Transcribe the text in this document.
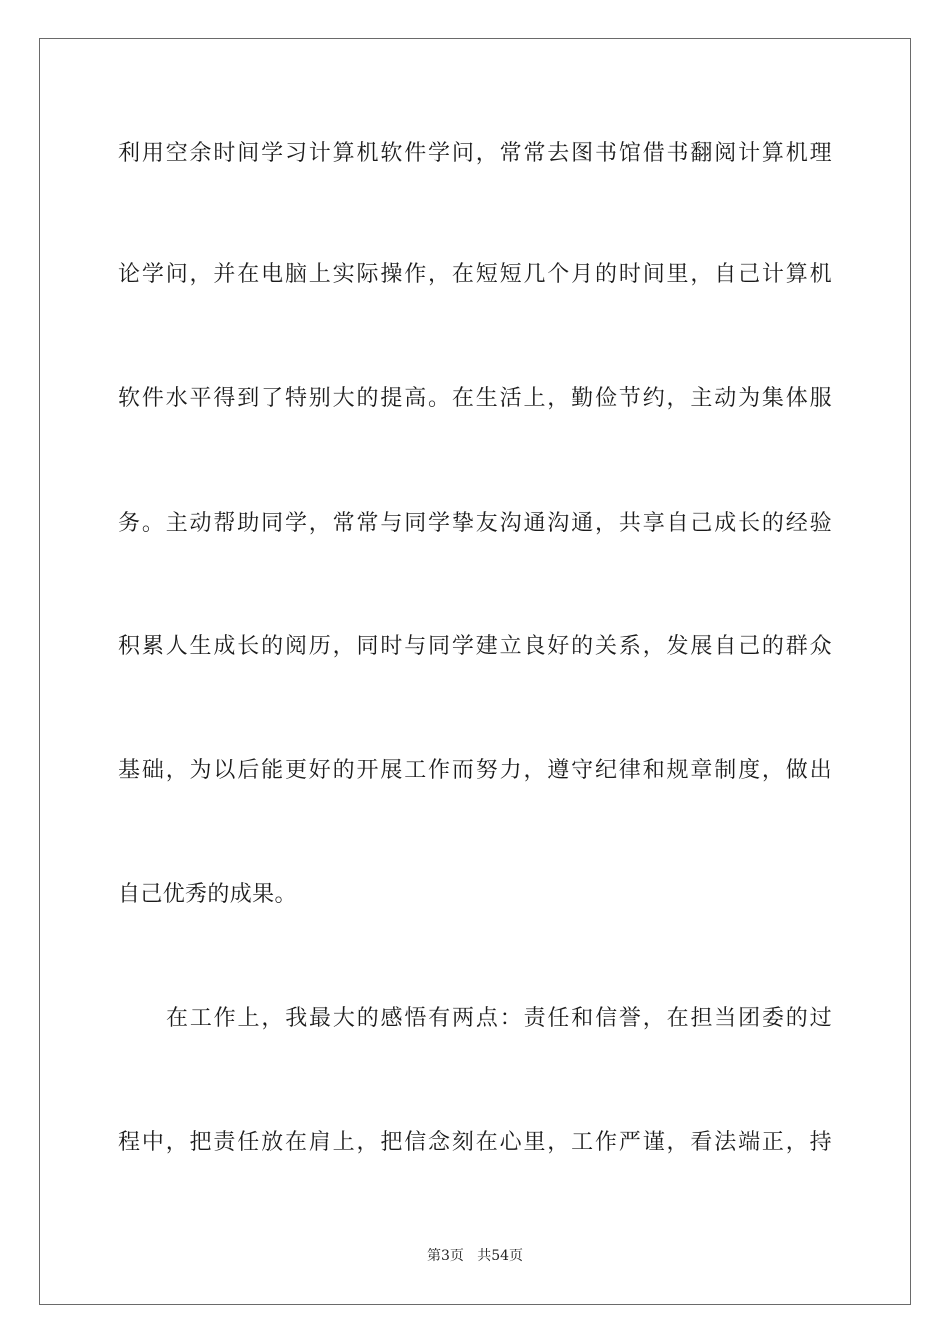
利用空余时间学习计算机软件学问，常常去图书馆借书翻阅计算机理
论学问，并在电脑上实际操作，在短短几个月的时间里，自己计算机
软件水平得到了特别大的提高。在生活上，勤俭节约，主动为集体服
务。主动帮助同学，常常与同学挚友沟通沟通，共享自己成长的经验
积累人生成长的阅历，同时与同学建立良好的关系，发展自己的群众
基础，为以后能更好的开展工作而努力，遵守纪律和规章制度，做出
自己优秀的成果。
在工作上，我最大的感悟有两点：责任和信誉，在担当团委的过
程中，把责任放在肩上，把信念刻在心里，工作严谨，看法端正，持
第3页   共54页
